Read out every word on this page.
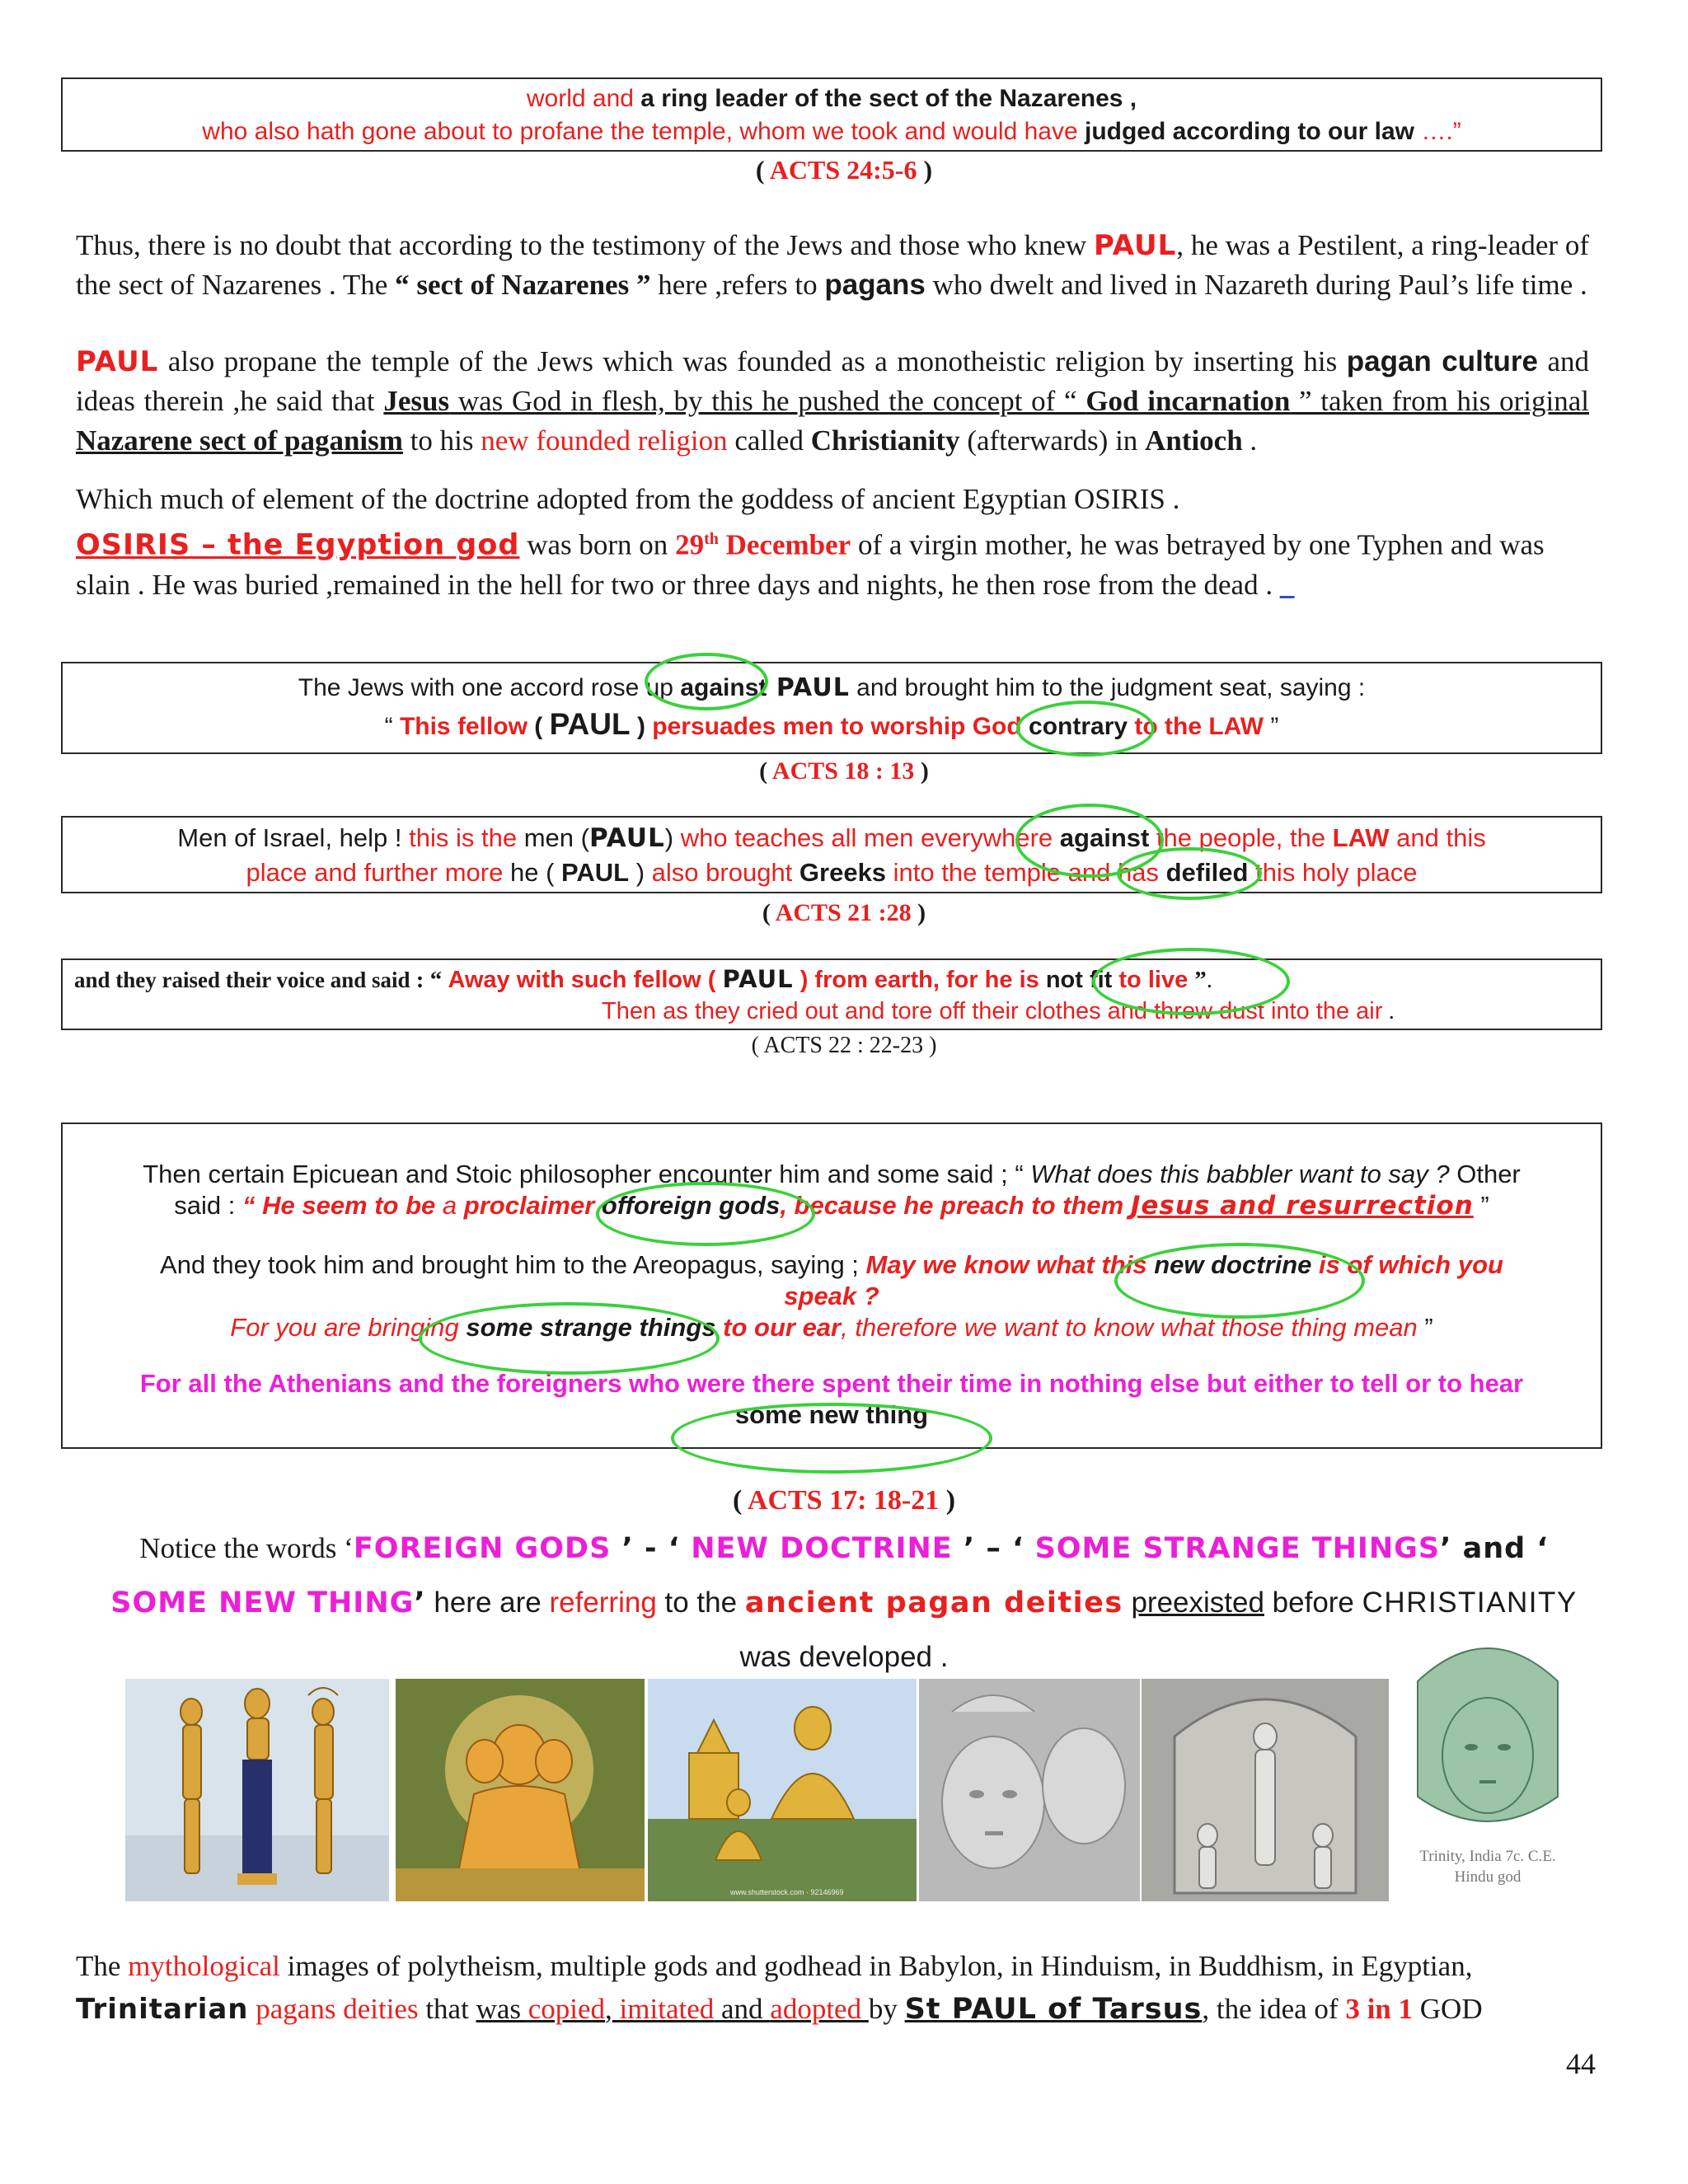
world and a ring leader of the sect of the Nazarenes ,
who also hath gone about to profane the temple, whom we took and would have judged according to our law ….”
( ACTS 24:5-6 )
Thus, there is no doubt that according to the testimony of the Jews and those who knew PAUL, he was a Pestilent, a ring-leader of the sect of Nazarenes . The “ sect of Nazarenes ” here ,refers to pagans who dwelt and lived in Nazareth during Paul’s life time .
PAUL also propane the temple of the Jews which was founded as a monotheistic religion by inserting his pagan culture and ideas therein ,he said that Jesus was God in flesh, by this he pushed the concept of “ God incarnation ” taken from his original Nazarene sect of paganism to his new founded religion called Christianity (afterwards) in Antioch .
Which much of element of the doctrine adopted from the goddess of ancient Egyptian OSIRIS .
OSIRIS – the Egyption god was born on 29th December of a virgin mother, he was betrayed by one Typhen and was slain . He was buried ,remained in the hell for two or three days and nights, he then rose from the dead . _
The Jews with one accord rose up against PAUL and brought him to the judgment seat, saying :
“ This fellow ( PAUL ) persuades men to worship God contrary to the LAW ”
( ACTS 18 : 13 )
Men of Israel, help ! this is the men (PAUL) who teaches all men everywhere against the people, the LAW and this
place and further more he ( PAUL ) also brought Greeks into the temple and has defiled this holy place
( ACTS 21 :28 )
and they raised their voice and said : “ Away with such fellow ( PAUL ) from earth, for he is not fit to live ”.
Then as they cried out and tore off their clothes and threw dust into the air .
( ACTS 22 : 22-23 )
Then certain Epicuean and Stoic philosopher encounter him and some said ; “ What does this babbler want to say ? Other
said : “ He seem to be a proclaimer offoreign gods, because he preach to them Jesus and resurrection ”
And they took him and brought him to the Areopagus, saying ; May we know what this new doctrine is of which you
speak ?
For you are bringing some strange things to our ear, therefore we want to know what those thing mean ”
For all the Athenians and the foreigners who were there spent their time in nothing else but either to tell or to hear
some new thing
( ACTS 17: 18-21 )
Notice the words ‘FOREIGN GODS ’ - ‘ NEW DOCTRINE ’ – ‘ SOME STRANGE THINGS’ and ‘
SOME NEW THING’ here are referring to the ancient pagan deities preexisted before CHRISTIANITY
was developed .
www.shutterstock.com · 92146969
Trinity, India 7c. C.E.
Hindu god
The mythological images of polytheism, multiple gods and godhead in Babylon, in Hinduism, in Buddhism, in Egyptian,
Trinitarian pagans deities that was copied, imitated and adopted by St PAUL of Tarsus, the idea of 3 in 1 GOD
44
